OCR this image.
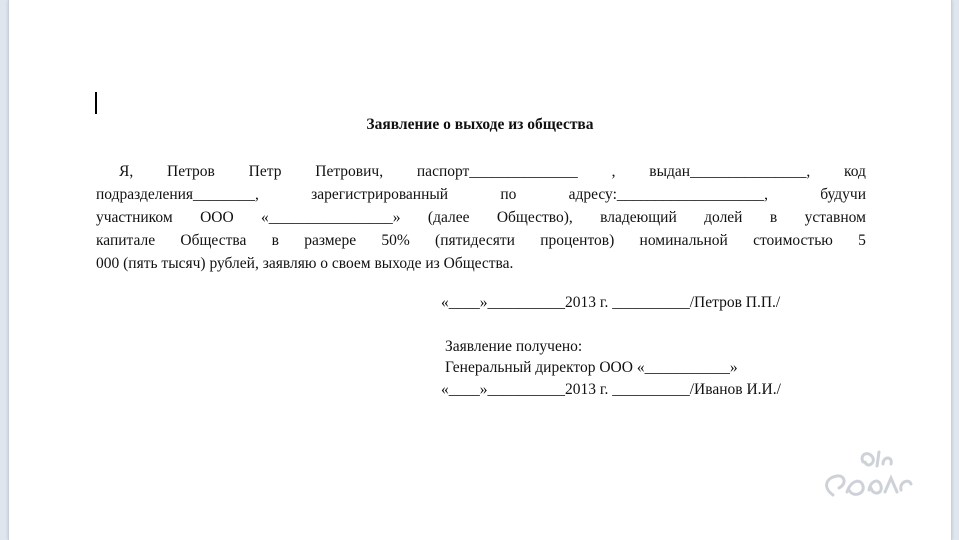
Заявление о выходе из общества
Я, Петров Петр Петрович, паспорт______________ , выдан_______________, код
подразделения________,	зарегистрированный	по	адресу:___________________,	будучи
участником ООО «________________» (далее Общество), владеющий долей в уставном
капитале Общества в размере 50% (пятидесяти процентов) номинальной стоимостью 5
000 (пять тысяч) рублей, заявляю о своем выходе из Общества.
«____»__________2013 г. __________/Петров П.П./
Заявление получено:
Генеральный директор ООО «___________»
«____»__________2013 г. __________/Иванов И.И./
